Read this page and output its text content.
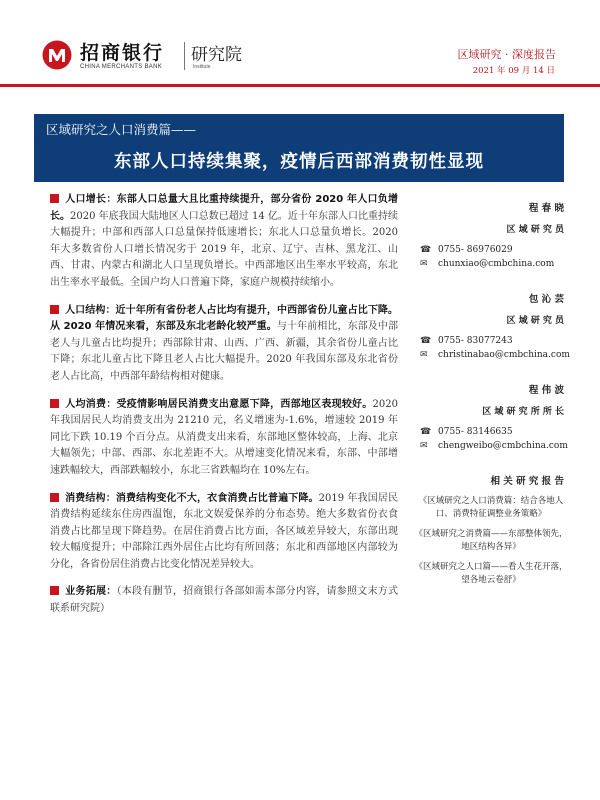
招商银行
CHINA MERCHANTS BANK
研究院
Institute
区域研究 · 深度报告
2021 年 09 月 14 日
区域研究之人口消费篇——
东部人口持续集聚，疫情后西部消费韧性显现

人口增长：东部人口总量大且比重持续提升，部分省份 2020 年人口负增长。2020 年底我国大陆地区人口总数已超过 14 亿。近十年东部人口比重持续大幅提升；中部和西部人口总量保持低速增长；东北人口总量负增长。2020 年大多数省份人口增长情况劣于 2019 年，北京、辽宁、吉林、黑龙江、山西、甘肃、内蒙古和湖北人口呈现负增长。中西部地区出生率水平较高，东北出生率水平最低。全国户均人口普遍下降，家庭户规模持续缩小。

人口结构：近十年所有省份老人占比均有提升，中西部省份儿童占比下降。从 2020 年情况来看，东部及东北老龄化较严重。与十年前相比，东部及中部老人与儿童占比均提升；西部除甘肃、山西、广西、新疆，其余省份儿童占比下降；东北儿童占比下降且老人占比大幅提升。2020 年我国东部及东北省份老人占比高，中西部年龄结构相对健康。

人均消费：受疫情影响居民消费支出意愿下降，西部地区表现较好。2020 年我国居民人均消费支出为 21210 元，名义增速为-1.6%，增速较 2019 年同比下跌 10.19 个百分点。从消费支出来看，东部地区整体较高，上海、北京大幅领先；中部、西部、东北差距不大。从增速变化情况来看，东部、中部增速跌幅较大，西部跌幅较小，东北三省跌幅均在 10%左右。

消费结构：消费结构变化不大，衣食消费占比普遍下降。2019 年我国居民消费结构延续东住房西温饱，东北文娱爱保养的分布态势。绝大多数省份衣食消费占比都呈现下降趋势。在居住消费占比方面，各区域差异较大，东部出现较大幅度提升；中部除江西外居住占比均有所回落；东北和西部地区内部较为分化，各省份居住消费占比变化情况差异较大。

业务拓展：（本段有删节，招商银行各部如需本部分内容，请参照文末方式联系研究院）

程 春 晓
区 域 研 究 员
☎ 0755- 86976029
✉ chunxiao@cmbchina.com
包 沁 芸
区 域 研 究 员
☎ 0755- 83077243
✉ christinabao@cmbchina.com
程 伟 波
区 域 研 究 所 所 长
☎ 0755- 83146635
✉ chengweibo@cmbchina.com
相 关 研 究 报 告
《区域研究之人口消费篇：结合各地人口、消费特征调整业务策略》
《区域研究之消费篇——东部整体领先，地区结构各异》
《区域研究之人口篇——看人生花开落，望各地云卷舒》
